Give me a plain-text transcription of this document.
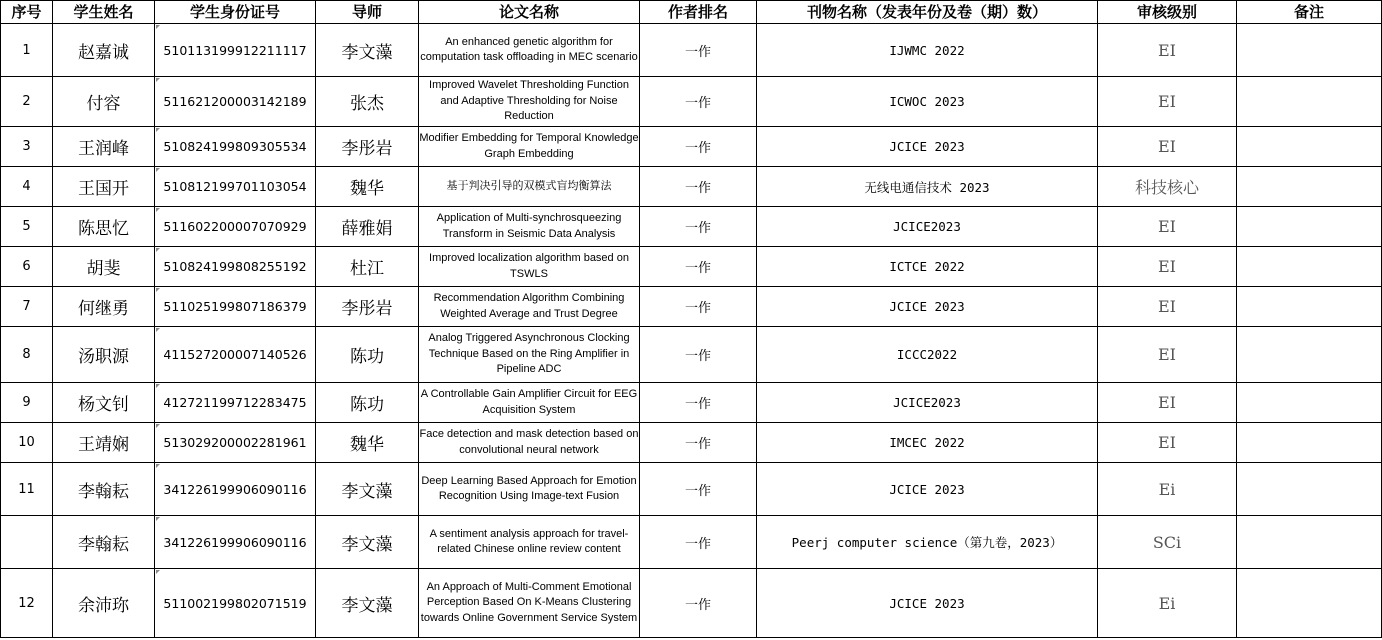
序号	学生姓名	学生身份证号	导师	论文名称	作者排名	刊物名称（发表年份及卷（期）数）	审核级别	备注
1	赵嘉诚	510113199912211117	李文藻	An enhanced genetic algorithm for computation task offloading in MEC scenario	一作	IJWMC 2022	EI	
2	付容	511621200003142189	张杰	Improved Wavelet Thresholding Function and Adaptive Thresholding for Noise Reduction	一作	ICWOC 2023	EI	
3	王润峰	510824199809305534	李彤岩	Modifier Embedding for Temporal Knowledge Graph Embedding	一作	JCICE 2023	EI	
4	王国开	510812199701103054	魏华	基于判决引导的双模式盲均衡算法	一作	无线电通信技术 2023	科技核心	
5	陈思忆	511602200007070929	薛雅娟	Application of Multi-synchrosqueezing Transform in Seismic Data Analysis	一作	JCICE2023	EI	
6	胡斐	510824199808255192	杜江	Improved localization algorithm based on TSWLS	一作	ICTCE 2022	EI	
7	何继勇	511025199807186379	李彤岩	Recommendation Algorithm Combining Weighted Average and Trust Degree	一作	JCICE 2023	EI	
8	汤职源	411527200007140526	陈功	Analog Triggered Asynchronous Clocking Technique Based on the Ring Amplifier in Pipeline ADC	一作	ICCC2022	EI	
9	杨文钊	412721199712283475	陈功	A Controllable Gain Amplifier Circuit for EEG Acquisition System	一作	JCICE2023	EI	
10	王靖娴	513029200002281961	魏华	Face detection and mask detection based on convolutional neural network	一作	IMCEC 2022	EI	
11	李翰耘	341226199906090116	李文藻	Deep Learning Based Approach for Emotion Recognition Using Image-text Fusion	一作	JCICE 2023	Ei	
	李翰耘	341226199906090116	李文藻	A sentiment analysis approach for travel-related Chinese online review content	一作	Peerj computer science（第九卷，2023）	SCi	
12	余沛珎	511002199802071519	李文藻	An Approach of Multi-Comment Emotional Perception Based On K-Means Clustering towards Online Government Service System	一作	JCICE 2023	Ei	
